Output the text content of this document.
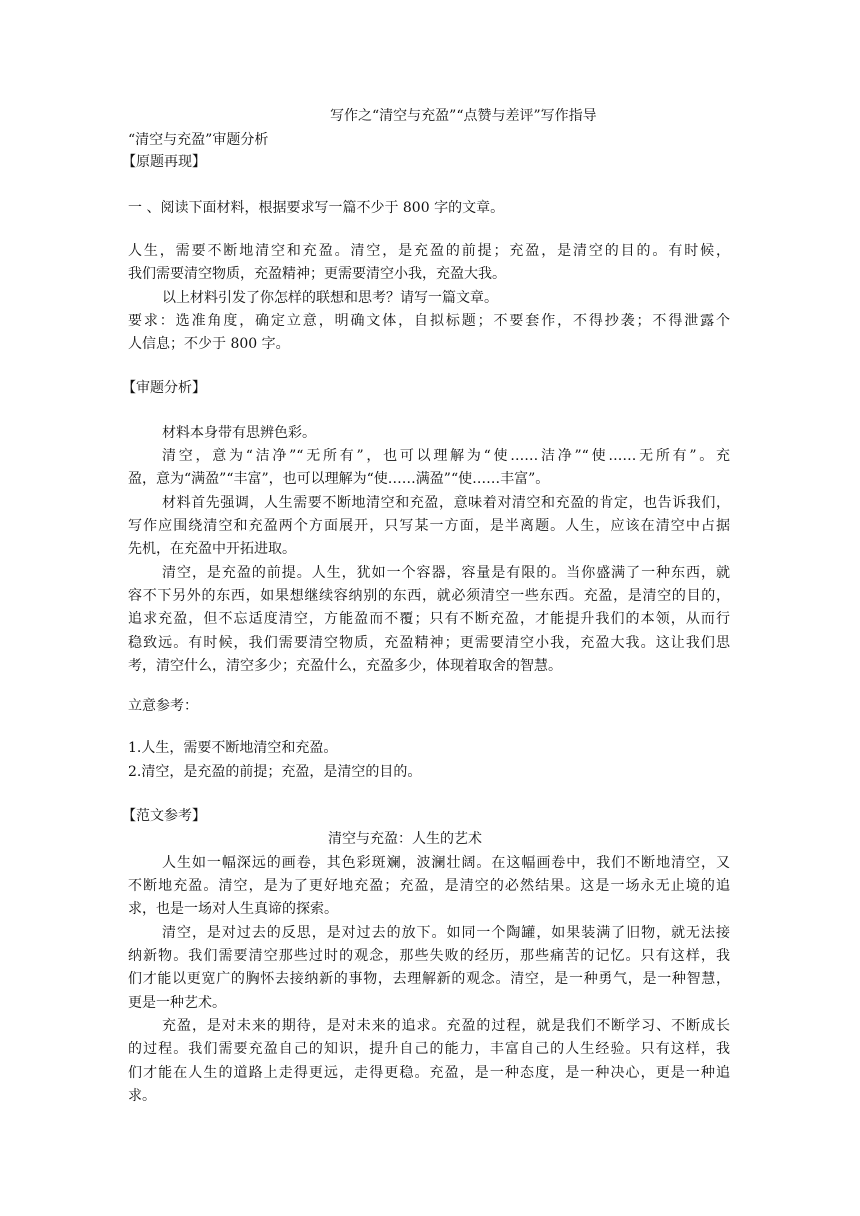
写作之“清空与充盈”“点赞与差评”写作指导
“清空与充盈”审题分析
【原题再现】
一 、阅读下面材料，根据要求写一篇不少于 800 字的文章。
人生，需要不断地清空和充盈。清空，是充盈的前提；充盈，是清空的目的。有时候，
我们需要清空物质，充盈精神；更需要清空小我，充盈大我。
以上材料引发了你怎样的联想和思考？请写一篇文章。
要求：选准角度，确定立意，明确文体，自拟标题；不要套作，不得抄袭；不得泄露个
人信息；不少于 800 字。
【审题分析】
材料本身带有思辨色彩。
清空，意为“洁净”“无所有”，也可以理解为“使……洁净”“使……无所有”。充
盈，意为“满盈”“丰富”，也可以理解为“使……满盈”“使……丰富”。
材料首先强调，人生需要不断地清空和充盈，意味着对清空和充盈的肯定，也告诉我们，
写作应围绕清空和充盈两个方面展开，只写某一方面，是半离题。人生，应该在清空中占据
先机，在充盈中开拓进取。
清空，是充盈的前提。人生，犹如一个容器，容量是有限的。当你盛满了一种东西，就
容不下另外的东西，如果想继续容纳别的东西，就必须清空一些东西。充盈，是清空的目的，
追求充盈，但不忘适度清空，方能盈而不覆；只有不断充盈，才能提升我们的本领，从而行
稳致远。有时候，我们需要清空物质，充盈精神；更需要清空小我，充盈大我。这让我们思
考，清空什么，清空多少；充盈什么，充盈多少，体现着取舍的智慧。
立意参考：
1.人生，需要不断地清空和充盈。
2.清空，是充盈的前提；充盈，是清空的目的。
【范文参考】
清空与充盈：人生的艺术
人生如一幅深远的画卷，其色彩斑斓，波澜壮阔。在这幅画卷中，我们不断地清空，又
不断地充盈。清空，是为了更好地充盈；充盈，是清空的必然结果。这是一场永无止境的追
求，也是一场对人生真谛的探索。
清空，是对过去的反思，是对过去的放下。如同一个陶罐，如果装满了旧物，就无法接
纳新物。我们需要清空那些过时的观念，那些失败的经历，那些痛苦的记忆。只有这样，我
们才能以更宽广的胸怀去接纳新的事物，去理解新的观念。清空，是一种勇气，是一种智慧，
更是一种艺术。
充盈，是对未来的期待，是对未来的追求。充盈的过程，就是我们不断学习、不断成长
的过程。我们需要充盈自己的知识，提升自己的能力，丰富自己的人生经验。只有这样，我
们才能在人生的道路上走得更远，走得更稳。充盈，是一种态度，是一种决心，更是一种追
求。
